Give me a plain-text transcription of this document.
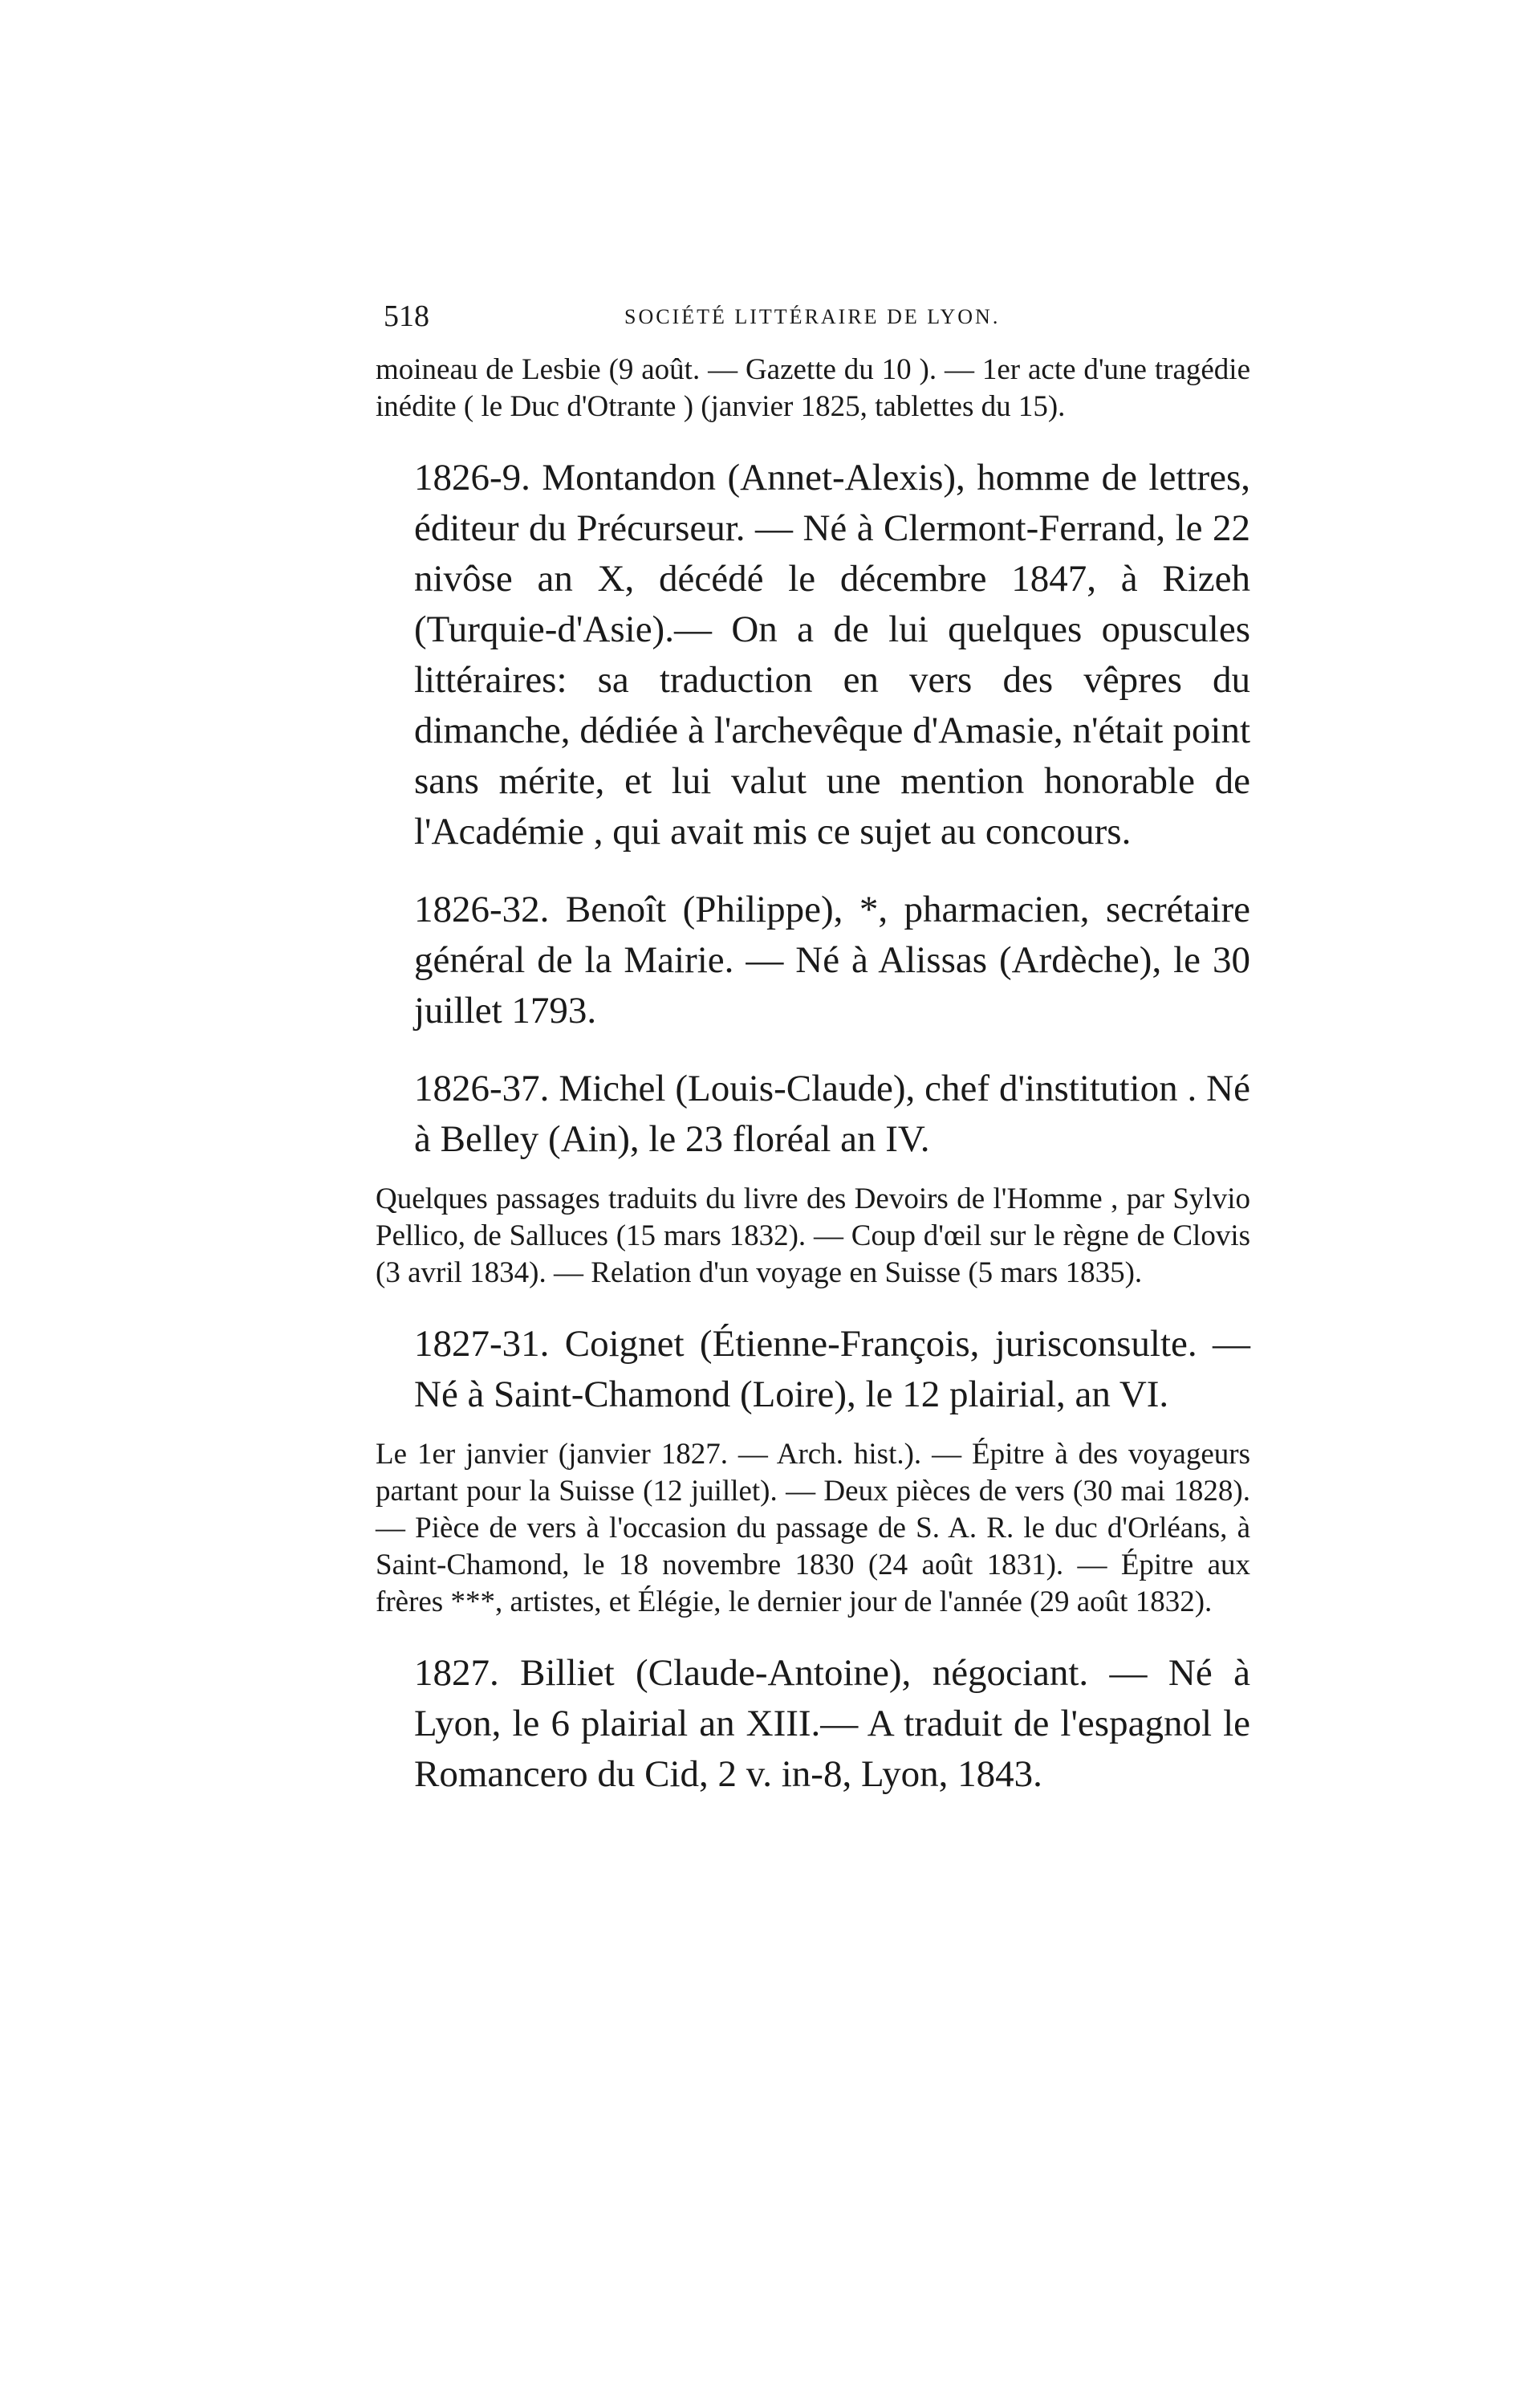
518	SOCIÉTÉ LITTÉRAIRE DE LYON.

moineau de Lesbie (9 août. — Gazette du 10 ). — 1er acte d'une tragédie inédite ( le Duc d'Otrante ) (janvier 1825, tablettes du 15).

1826-9. Montandon (Annet-Alexis), homme de lettres, éditeur du Précurseur. — Né à Clermont-Ferrand, le 22 nivôse an X, décédé le décembre 1847, à Rizeh (Turquie-d'Asie).— On a de lui quelques opuscules littéraires: sa traduction en vers des vêpres du dimanche, dédiée à l'archevêque d'Amasie, n'était point sans mérite, et lui valut une mention honorable de l'Académie , qui avait mis ce sujet au concours.

1826-32. Benoît (Philippe), *, pharmacien, secrétaire général de la Mairie. — Né à Alissas (Ardèche), le 30 juillet 1793.

1826-37. Michel (Louis-Claude), chef d'institution . Né à Belley (Ain), le 23 floréal an IV.

Quelques passages traduits du livre des Devoirs de l'Homme , par Sylvio Pellico, de Salluces (15 mars 1832). — Coup d'œil sur le règne de Clovis (3 avril 1834). — Relation d'un voyage en Suisse (5 mars 1835).

1827-31. Coignet (Étienne-François, jurisconsulte. — Né à Saint-Chamond (Loire), le 12 plairial, an VI.

Le 1er janvier (janvier 1827. — Arch. hist.). — Épitre à des voyageurs partant pour la Suisse (12 juillet). — Deux pièces de vers (30 mai 1828). — Pièce de vers à l'occasion du passage de S. A. R. le duc d'Orléans, à Saint-Chamond, le 18 novembre 1830 (24 août 1831). — Épitre aux frères ***, artistes, et Élégie, le dernier jour de l'année (29 août 1832).

1827. Billiet (Claude-Antoine), négociant. — Né à Lyon, le 6 plairial an XIII.— A traduit de l'espagnol le Romancero du Cid, 2 v. in-8, Lyon, 1843.
